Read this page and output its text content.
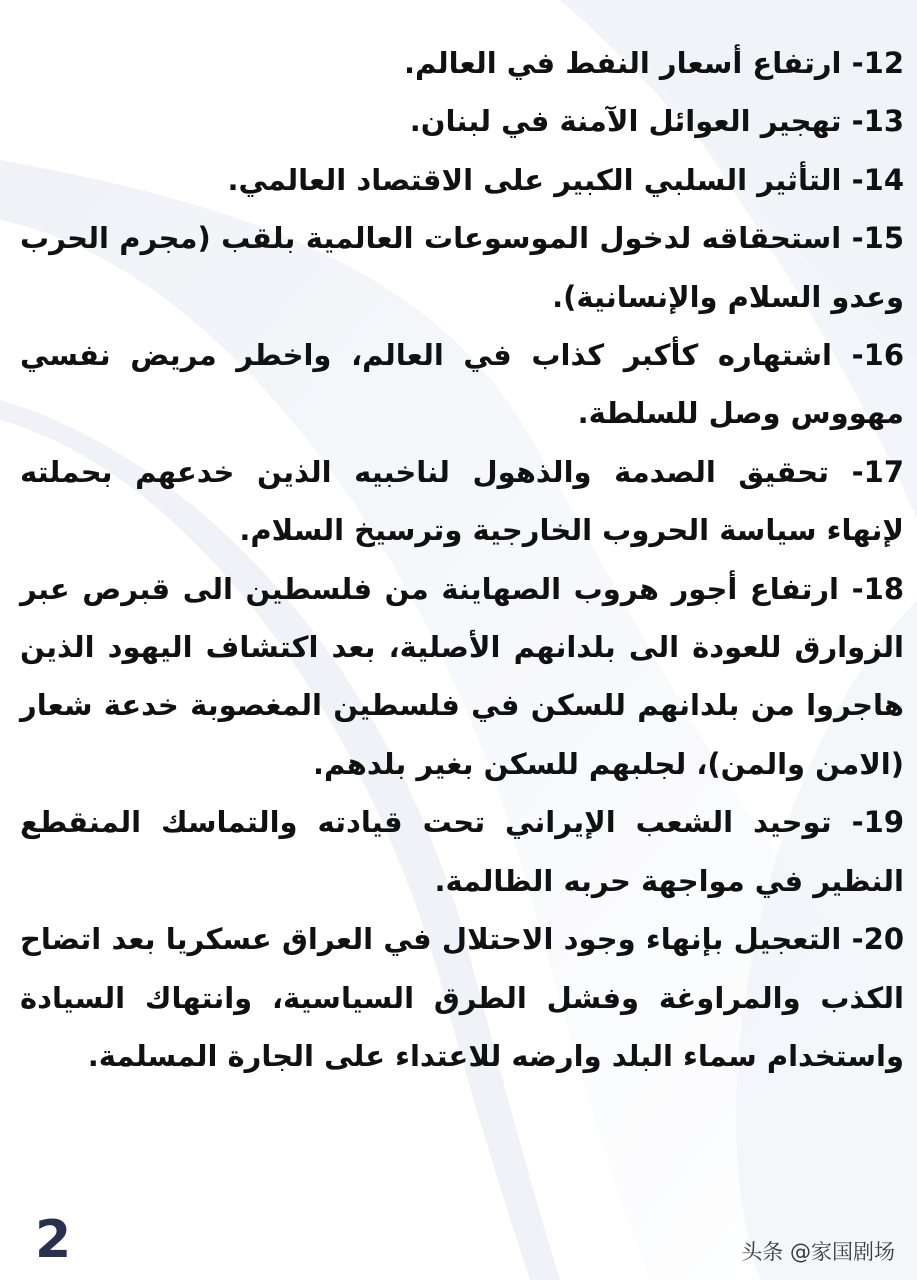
12- ارتفاع أسعار النفط في العالم.

13- تهجير العوائل الآمنة في لبنان.

14- التأثير السلبي الكبير على الاقتصاد العالمي.

15- استحقاقه لدخول الموسوعات العالمية بلقب (مجرم الحرب وعدو السلام والإنسانية).

16- اشتهاره كأكبر كذاب في العالم، واخطر مريض نفسي مهووس وصل للسلطة.

17- تحقيق الصدمة والذهول لناخبيه الذين خدعهم بحملته لإنهاء سياسة الحروب الخارجية وترسيخ السلام.

18- ارتفاع أجور هروب الصهاينة من فلسطين الى قبرص عبر الزوارق للعودة الى بلدانهم الأصلية، بعد اكتشاف اليهود الذين هاجروا من بلدانهم للسكن في فلسطين المغصوبة خدعة شعار (الامن والمن)، لجلبهم للسكن بغير بلدهم.

19- توحيد الشعب الإيراني تحت قيادته والتماسك المنقطع النظير في مواجهة حربه الظالمة.

20- التعجيل بإنهاء وجود الاحتلال في العراق عسكريا بعد اتضاح الكذب والمراوغة وفشل الطرق السياسية، وانتهاك السيادة واستخدام سماء البلد وارضه للاعتداء على الجارة المسلمة.

2	头条 @家国剧场
